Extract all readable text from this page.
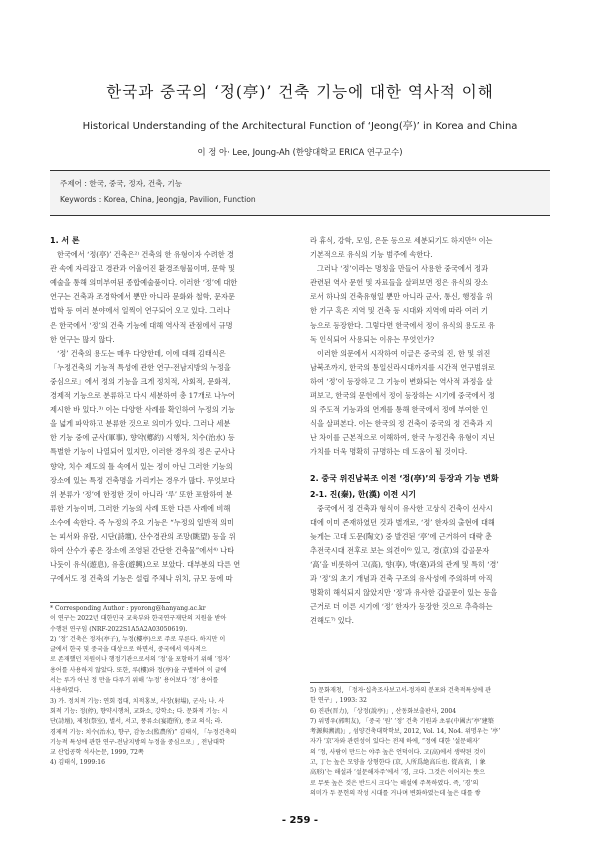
한국과 중국의 ‘정(亭)’ 건축 기능에 대한 역사적 이해
Historical Understanding of the Architectural Function of ‘Jeong(亭)’ in Korea and China
이 정 아· Lee, Joung-Ah (한양대학교 ERICA 연구교수)
주제어 : 한국, 중국, 정자, 건축, 기능
Keywords : Korea, China, Jeongja, Pavilion, Function

1. 서 론

한국에서 ‘정(亭)’ 건축은²⁾ 건축의 한 유형이자 수려한 경
관 속에 자리잡고 경관과 어울어진 환경조형물이며, 문학 및
예술을 통해 의미부여된 종합예술품이다. 이러한 ‘정’에 대한
연구는 건축과 조경학에서 뿐만 아니라 문화와 철학, 문자문
법학 등 여러 분야에서 일찍이 연구되어 오고 있다. 그러나
은 한국에서 ‘정’의 건축 기능에 대해 역사적 관점에서 규명
한 연구는 많지 않다.
‘정’ 건축의 용도는 매우 다양한데, 이에 대해 김태식은
「누정건축의 기능적 특성에 관한 연구-전남지방의 누정을
중심으로」에서 정의 기능을 크게 정치적, 사회적, 문화적,
경제적 기능으로 분류하고 다시 세분하여 총 17개로 나누어
제시한 바 있다.³⁾ 이는 다양한 사례를 확인하여 누정의 기능
을 넓게 파악하고 분류한 것으로 의미가 있다. 그러나 세분
한 기능 중에 군사(軍事), 향약(鄕約) 시행처, 치수(治水) 등
특별한 기능이 나열되어 있지만, 이러한 경우의 정은 군사나
향약, 치수 제도의 틀 속에서 있는 정이 아닌 그러한 기능의
장소에 있는 특정 건축명을 가리키는 경우가 많다. 무엇보다
위 분류가 ‘정’에 한정한 것이 아니라 ‘루’ 또한 포함하여 분
류한 기능이며, 그러한 기능의 사례 또한 다른 사례에 비해
소수에 속한다. 즉 누정의 주요 기능은 “누정의 일반적 의미
는 피서와 유람, 시단(詩壇), 산수경관의 조망(眺望) 등을 위
하여 산수가 좋은 장소에 조영된 간단한 건축물”에서⁴⁾ 나타
나듯이 유식(遊息), 유흥(遊興)으로 보았다. 대부분의 다른 연
구에서도 정 건축의 기능은 설립 주체나 위치, 규모 등에 따
* Corresponding Author : pyorong@hanyang.ac.kr
이 연구는 2022년 대한민국 교육부와 한국연구재단의 지원을 받아
수행된 연구임 (NRF-2022S1A5A2A03050619).
2) ‘정’ 건축은 정자(亭子), 누정(樓亭)으로 주로 부른다. 하지만 이
글에서 한국 및 중국을 대상으로 하면서, 중국에서 역사적으
로 존재했던 지원이나 행정기관으로서의 ‘정’을 포함하기 위해 ‘정자’
용어를 사용하지 않았다. 또한, 루(樓)와 정(亭)을 구별하여 이 글에
서는 루가 아닌 정 만을 다루기 위해 ‘누정’ 용어보다 ‘정’ 용어를
사용하였다.
3) 가. 정치적 기능: 연회 접대, 치적홍보, 사장(射場), 군사; 나. 사
회적 기능: 정(停), 향약시행처, 교화소, 강학소; 다. 문화적 기능: 시
단(詩壇), 제청(祭室), 별서, 서고, 풍류소(宴遊所), 종교 의식; 라.
경제적 기능: 치수(治水), 향구, 감농소(監農所)” 김태식, 「누정건축의
기능적 특성에 관한 연구-전남지방의 누정을 중심으로」, 전남대학
교 산업공학 석사논문, 1999, 72쪽
4) 김태식, 1999:16
라 휴식, 강학, 모임, 은둔 등으로 세분되기도 하지만⁵⁾ 이는
기본적으로 유식의 기능 범주에 속한다.
그러나 ‘정’이라는 명칭을 만들어 사용한 중국에서 정과
관련된 역사 문헌 및 자료들을 살펴보면 정은 유식의 장소
로서 하나의 건축유형일 뿐만 아니라 군사, 통신, 행정을 위
한 기구 혹은 지역 및 건축 등 시대와 지역에 따라 여러 기
능으로 등장한다. 그렇다면 한국에서 정이 유식의 용도로 유
독 인식되어 사용되는 이유는 무엇인가?
이러한 의문에서 시작하여 이글은 중국의 진, 한 및 위진
남북조까지, 한국의 통일신라시대까지를 시간적 연구범위로
하여 ‘정’이 등장하고 그 기능이 변화되는 역사적 과정을 살
펴보고, 한국의 문헌에서 정이 등장하는 시기에 중국에서 정
의 주도적 기능과의 연계를 통해 한국에서 정에 부여한 인
식을 살펴본다. 이는 한국의 정 건축이 중국의 정 건축과 지
난 차이를 근본적으로 이해하여, 한국 누정건축 유형이 지닌
가치를 더욱 명확히 규명하는 데 도움이 될 것이다.

2. 중국 위진남북조 이전 ‘정(亭)’의 등장과 기능 변화

2-1. 진(秦), 한(漢) 이전 시기

중국에서 정 건축과 형식이 유사한 고상식 건축이 선사시
대에 이미 존재하였던 것과 별개로, ‘정’ 한자의 출현에 대해
늦게는 고대 도문(陶文) 중 발견된 ‘亭’에 근거하여 대략 춘
추전국시대 전후로 보는 의견이⁶⁾ 있고, 경(京)의 갑골문자
‘高’을 비롯하여 고(高), 향(享), 박(亳)과의 관계 및 특히 ‘경’
과 ‘정’의 초기 개념과 건축 구조의 유사성에 주의하며 아직
명확히 해석되지 않았지만 ‘정’과 유사한 갑골문이 있는 등을
근거로 더 이른 시기에 ‘정’ 한자가 등장한 것으로 추측하는
견해도⁷⁾ 있다.
5) 문화재청, 「정자·십측조사보고서-정자의 분포와 건축적특성에 관
한 연구」, 1993: 32
6) 진관(晋力), 「상정(說亭)」, 산동화보출판사, 2004
7) 위명우(郭明友), 「중국 ‘원’ ‘정’ 건축 기원과 초류(中國古‘亭’建築
考源與溯流)」, 섬양건축대학학보, 2012, Vol. 14, No4. 위명우는 ‘亭’
자가 ‘京’자와 관련성이 있다는 전제 하에, “정에 대한 ‘설문해자’
의 ‘정, 사람이 만드는 야주 높은 언덕이다. 고(高)에서 생략된 것이
고, 丁는 높은 모양을 상형한다 (京, 人所爲絶高丘也. 從高省, 丨象
高形)’는 해설과 ‘설문해자주’에서 ‘경, 크다. 그것은 이어지는 뜻으
로 무릇 높은 것은 반드시 크다’는 해설에 주목하였다. 즉, ‘경’의
의미가 두 문헌의 작성 시대를 거나며 변화하였는데 높은 대를 쌓
- 259 -
